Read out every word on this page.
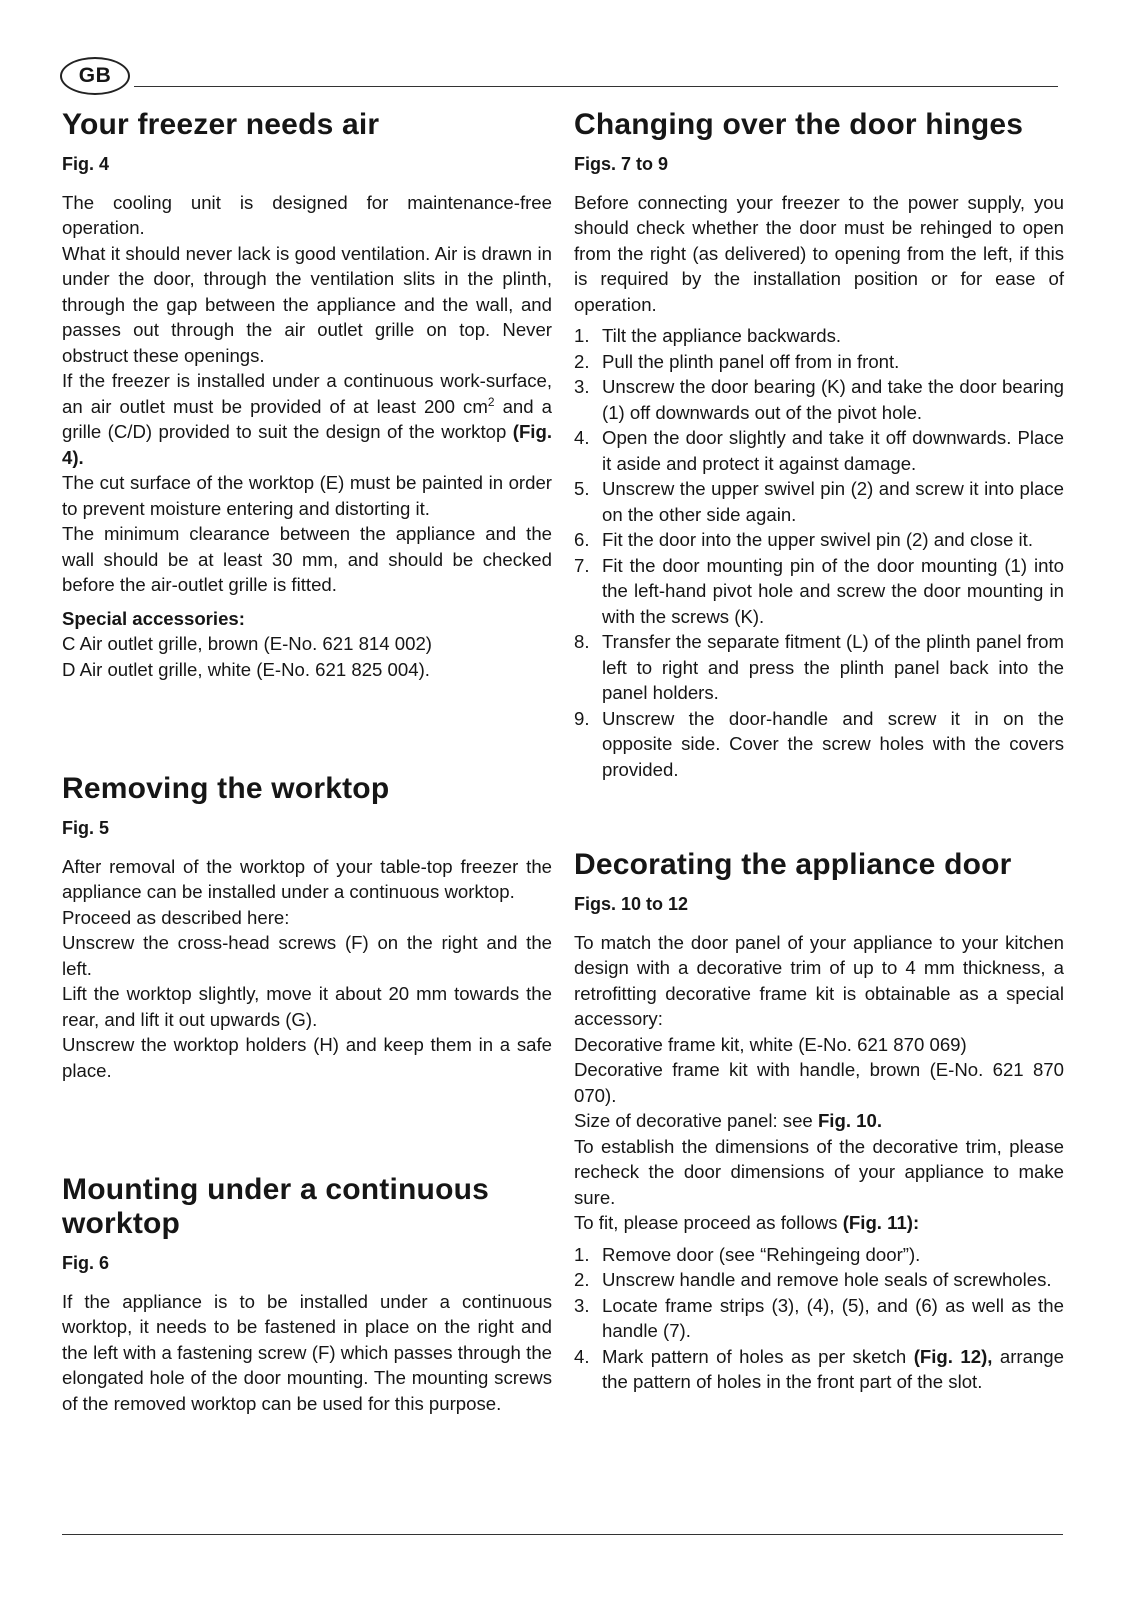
GB
Your freezer needs air
Fig. 4

The cooling unit is designed for maintenance-free operation.

What it should never lack is good ventilation. Air is drawn in under the door, through the ventilation slits in the plinth, through the gap between the appliance and the wall, and passes out through the air outlet grille on top. Never obstruct these openings.

If the freezer is installed under a continuous work-surface, an air outlet must be provided of at least 200 $cm^2$ and a grille (C/D) provided to suit the design of the worktop (Fig. 4).

The cut surface of the worktop (E) must be painted in order to prevent moisture entering and distorting it.

The minimum clearance between the appliance and the wall should be at least 30 mm, and should be checked before the air-outlet grille is fitted.

Special accessories:

C Air outlet grille, brown (E-No. 621 814 002)

D Air outlet grille, white (E-No. 621 825 004).

Removing the worktop
Fig. 5

After removal of the worktop of your table-top freezer the appliance can be installed under a continuous worktop.

Proceed as described here:

Unscrew the cross-head screws (F) on the right and the left.

Lift the worktop slightly, move it about 20 mm towards the rear, and lift it out upwards (G).

Unscrew the worktop holders (H) and keep them in a safe place.

Mounting under a continuous worktop
Fig. 6

If the appliance is to be installed under a continuous worktop, it needs to be fastened in place on the right and the left with a fastening screw (F) which passes through the elongated hole of the door mounting. The mounting screws of the removed worktop can be used for this purpose.

Changing over the door hinges
Figs. 7 to 9

Before connecting your freezer to the power supply, you should check whether the door must be rehinged to open from the right (as delivered) to opening from the left, if this is required by the installation position or for ease of operation.

1. Tilt the appliance backwards.
2. Pull the plinth panel off from in front.
3. Unscrew the door bearing (K) and take the door bearing (1) off downwards out of the pivot hole.
4. Open the door slightly and take it off downwards. Place it aside and protect it against damage.
5. Unscrew the upper swivel pin (2) and screw it into place on the other side again.
6. Fit the door into the upper swivel pin (2) and close it.
7. Fit the door mounting pin of the door mounting (1) into the left-hand pivot hole and screw the door mounting in with the screws (K).
8. Transfer the separate fitment (L) of the plinth panel from left to right and press the plinth panel back into the panel holders.
9. Unscrew the door-handle and screw it in on the opposite side. Cover the screw holes with the covers provided.
Decorating the appliance door
Figs. 10 to 12

To match the door panel of your appliance to your kitchen design with a decorative trim of up to 4 mm thickness, a retrofitting decorative frame kit is obtainable as a special accessory:

Decorative frame kit, white (E-No. 621 870 069)

Decorative frame kit with handle, brown (E-No. 621 870 070).

Size of decorative panel: see Fig. 10.

To establish the dimensions of the decorative trim, please recheck the door dimensions of your appliance to make sure.

To fit, please proceed as follows (Fig. 11):

1. Remove door (see “Rehingeing door”).
2. Unscrew handle and remove hole seals of screwholes.
3. Locate frame strips (3), (4), (5), and (6) as well as the handle (7).
4. Mark pattern of holes as per sketch (Fig. 12), arrange the pattern of holes in the front part of the slot.
